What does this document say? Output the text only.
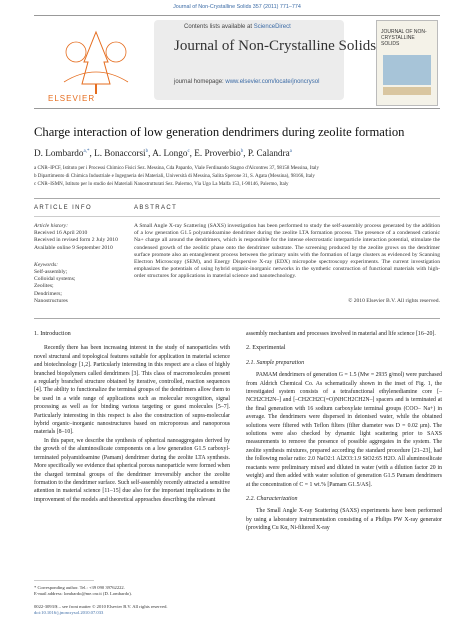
Journal of Non-Crystalline Solids 357 (2011) 771–774
ELSEVIER
Contents lists available at ScienceDirect
Journal of Non-Crystalline Solids
journal homepage: www.elsevier.com/locate/jnoncrysol
JOURNAL OF NON-CRYSTALLINE SOLIDS
Charge interaction of low generation dendrimers during zeolite formation
D. Lombardo$^{a,*}$, L. Bonaccorsi$^b$, A. Longo$^c$, E. Proverbio$^b$, P. Calandra$^a$
a CNR–IPCF, Istituto per i Processi Chimico Fisici Sez. Messina, Cda Papardo, Viale Ferdinando Stagno d'Alcontres 37, 98158 Messina, Italy
b Dipartimento di Chimica Industriale e Ingegneria dei Materiali, Università di Messina, Salita Sperone 31, S. Agata (Messina), 98166, Italy
c CNR–ISMN, Istituto per lo studio dei Materiali Nanostrutturati Sez. Palermo, Via Ugo La Malfa 153, I-90146, Palermo, Italy
ARTICLE INFO	ABSTRACT
Article history:
Received 16 April 2010
Received in revised form 2 July 2010
Available online 9 September 2010
Keywords:
Self-assembly;
Colloidal systems;
Zeolites;
Dendrimers;
Nanostructures
A Small Angle X-ray Scattering (SAXS) investigation has been performed to study the self-assembly process generated by the addition of a low generation G1.5 polyamidoamine dendrimer during the zeolite LTA formation process. The presence of a condensed cationic Na+ charge all around the dendrimers, which is responsible for the intense electrostatic interparticle interaction potential, stimulate the condensed growth of the zeolitic phase onto the dendrimer substrate. The screening produced by the zeolite grows on the dendrimer surface promote also an entanglement process between the primary units with the formation of large clusters as evidenced by Scanning Electron Microscopy (SEM), and Energy Dispersive X-ray (EDX) micropobe spectroscopy experiments. The current investigation emphasizes the potentials of using hybrid organic-inorganic networks in the synthetic construction of functional materials with high-order structures for applications in material science and nanotechnology.
© 2010 Elsevier B.V. All rights reserved.
1. Introduction

Recently there has been increasing interest in the study of nanoparticles with novel structural and topological features suitable for application in material science and biotechnology [1,2]. Particularly interesting in this respect are a class of highly branched biopolymers called dendrimers [3]. This class of macromolecules present a regularly branched structure obtained by iterative, controlled, reaction sequences [4]. The ability to functionalize the terminal groups of the dendrimers allow them to be used in a wide range of applications such as molecular recognition, signal processing as well as for binding various targeting or guest molecules [5–7]. Particularly interesting in this respect is also the construction of supra-molecular hybrid organic–inorganic nanostructures based on microporous and nanoporous materials [8–10].

In this paper, we describe the synthesis of spherical nanoaggregates derived by the growth of the aluminosilicate components on a low generation G1.5 carboxyl-terminated polyamidoamine (Pamam) dendrimer during the zeolite LTA synthesis. More specifically we evidence that spherical porous nanoparticle were formed when the charged terminal groups of the dendrimer irreversibly anchor the zeolite formation to the dendrimer surface. Such self-assembly recently attracted a sensitive attention in material science [11–15] due also for the important implications in the improvement of the models and theoretical approaches describing the relevant

assembly mechanism and processes involved in material and life science [16–20].

2. Experimental
2.1. Sample preparation

PAMAM dendrimers of generation G = 1.5 (Mw = 2935 g/mol) were purchased from Aldrich Chemical Co. As schematically shown in the inset of Fig. 1, the investigated system consists of a tetrafunctional ethylenediamine core [–NCH2CH2N–] and [–CH2CH2C(=O)NHCH2CH2N–] spacers and is terminated at the final generation with 16 sodium carboxylate terminal groups (COO− Na+) in average. The dendrimers were dispersed in deionised water, while the obtained solutions were filtered with Teflon filters (filter diameter was D = 0.02 μm). The solutions were also checked by dynamic light scattering prior to SAXS measurements to remove the presence of possible aggregates in the system. The zeolite synthesis mixtures, prepared according the standard procedure [21–23], had the following molar ratio: 2.0 NaO2:1 Al2O3:1.9 SiO2:65 H2O. All aluminosilicate reactants were preliminary mixed and diluted in water (with a dilution factor 20 in weight) and then added with water solution of generation G1.5 Pamam dendrimers at the concentration of C = 1 wt.% [Pamam G1.5/AS].

2.2. Characterization

The Small Angle X-ray Scattering (SAXS) experiments have been performed by using a laboratory instrumentation consisting of a Philips PW X-ray generator (providing Cu Kα, Ni-filtered X-ray

* Corresponding author. Tel.: +39 090 39762222.
E-mail address: lombardo@me.cnr.it (D. Lombardo).
0022-3093/$ – see front matter © 2010 Elsevier B.V. All rights reserved.
doi:10.1016/j.jnoncrysol.2010.07.033
